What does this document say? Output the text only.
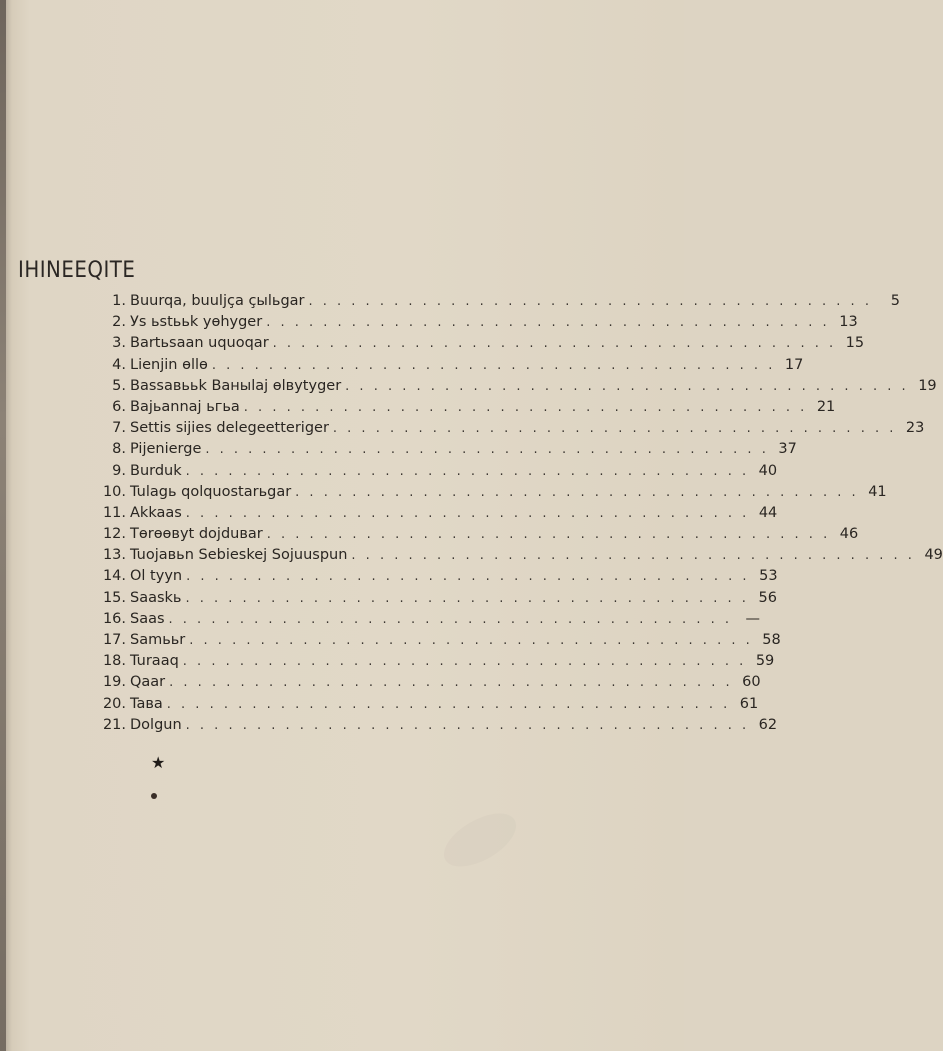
IHINEEQITE
1. Buurqa, buuljça çыlьgar . . . . . . . . . . . . . . . . . . . . . . . . . . . . . . . . . . . . . . . .	5
2. Уs ьstььk yөhyger . . . . . . . . . . . . . . . . . . . . . . . . . . . . . . . . . . . . . . . . 13
3. Bartьsaan uquoqar . . . . . . . . . . . . . . . . . . . . . . . . . . . . . . . . . . . . . . . . 15
4. Lienjin өllө . . . . . . . . . . . . . . . . . . . . . . . . . . . . . . . . . . . . . . . . 17
5. Bassaвььk Baныlaj өlвytyger . . . . . . . . . . . . . . . . . . . . . . . . . . . . . . . . . . . . . . . . 19
6. Bajьannaj ьгьa . . . . . . . . . . . . . . . . . . . . . . . . . . . . . . . . . . . . . . . . 21
7. Settis sijies delegeetteriger . . . . . . . . . . . . . . . . . . . . . . . . . . . . . . . . . . . . . . . . 23
8. Pijenierge . . . . . . . . . . . . . . . . . . . . . . . . . . . . . . . . . . . . . . . . 37
9. Burduk . . . . . . . . . . . . . . . . . . . . . . . . . . . . . . . . . . . . . . . . 40
10. Tulagь qolquostarьgar . . . . . . . . . . . . . . . . . . . . . . . . . . . . . . . . . . . . . . . . 41
11. Akkaas . . . . . . . . . . . . . . . . . . . . . . . . . . . . . . . . . . . . . . . . 44
12. Tөrөөвyt dojduвar . . . . . . . . . . . . . . . . . . . . . . . . . . . . . . . . . . . . . . . . 46
13. Tuojaвьn Sebieskej Sojuuspun . . . . . . . . . . . . . . . . . . . . . . . . . . . . . . . . . . . . . . . . 49
14. Ol tyyn . . . . . . . . . . . . . . . . . . . . . . . . . . . . . . . . . . . . . . . . 53
15. Saaskь . . . . . . . . . . . . . . . . . . . . . . . . . . . . . . . . . . . . . . . . 56
16. Saas . . . . . . . . . . . . . . . . . . . . . . . . . . . . . . . . . . . . . . . . —
17. Samььr . . . . . . . . . . . . . . . . . . . . . . . . . . . . . . . . . . . . . . . . 58
18. Turaaq . . . . . . . . . . . . . . . . . . . . . . . . . . . . . . . . . . . . . . . . 59
19. Qaar . . . . . . . . . . . . . . . . . . . . . . . . . . . . . . . . . . . . . . . . 60
20. Taвa . . . . . . . . . . . . . . . . . . . . . . . . . . . . . . . . . . . . . . . . 61
21. Dolgun . . . . . . . . . . . . . . . . . . . . . . . . . . . . . . . . . . . . . . . . 62
★
